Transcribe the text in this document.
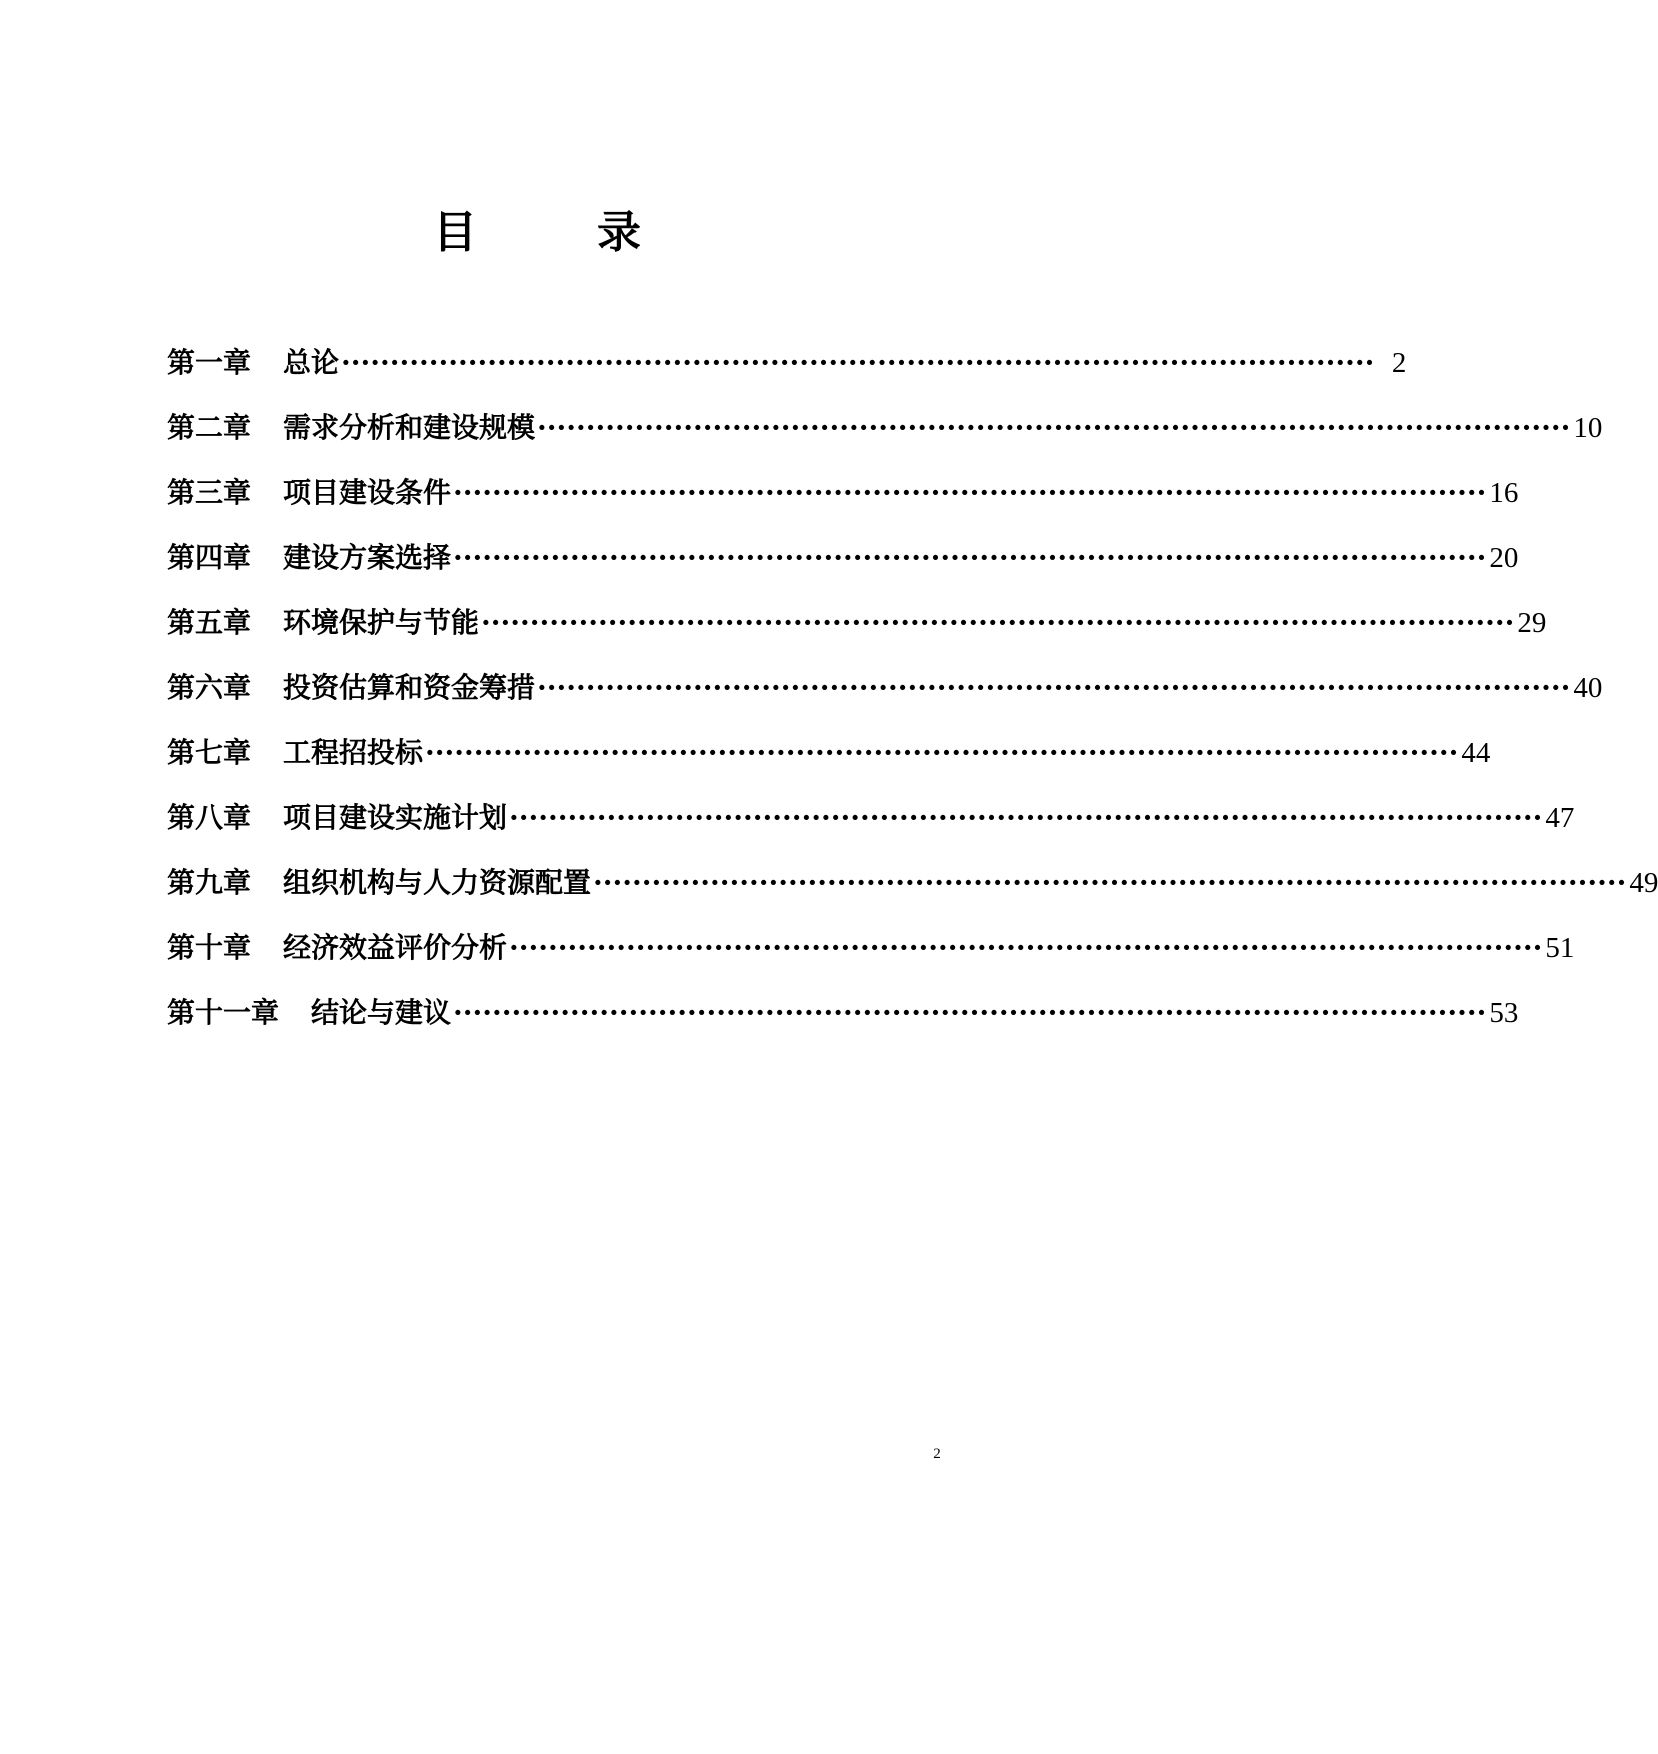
目　录
第一章 总论 ·········································································································· 2
第二章 需求分析和建设规模 ·········································································································· 10
第三章 项目建设条件 ·········································································································· 16
第四章 建设方案选择 ·········································································································· 20
第五章 环境保护与节能 ·········································································································· 29
第六章 投资估算和资金筹措 ·········································································································· 40
第七章 工程招投标 ·········································································································· 44
第八章 项目建设实施计划 ·········································································································· 47
第九章 组织机构与人力资源配置 ·········································································································· 49
第十章 经济效益评价分析 ·········································································································· 51
第十一章 结论与建议 ·········································································································· 53
2
